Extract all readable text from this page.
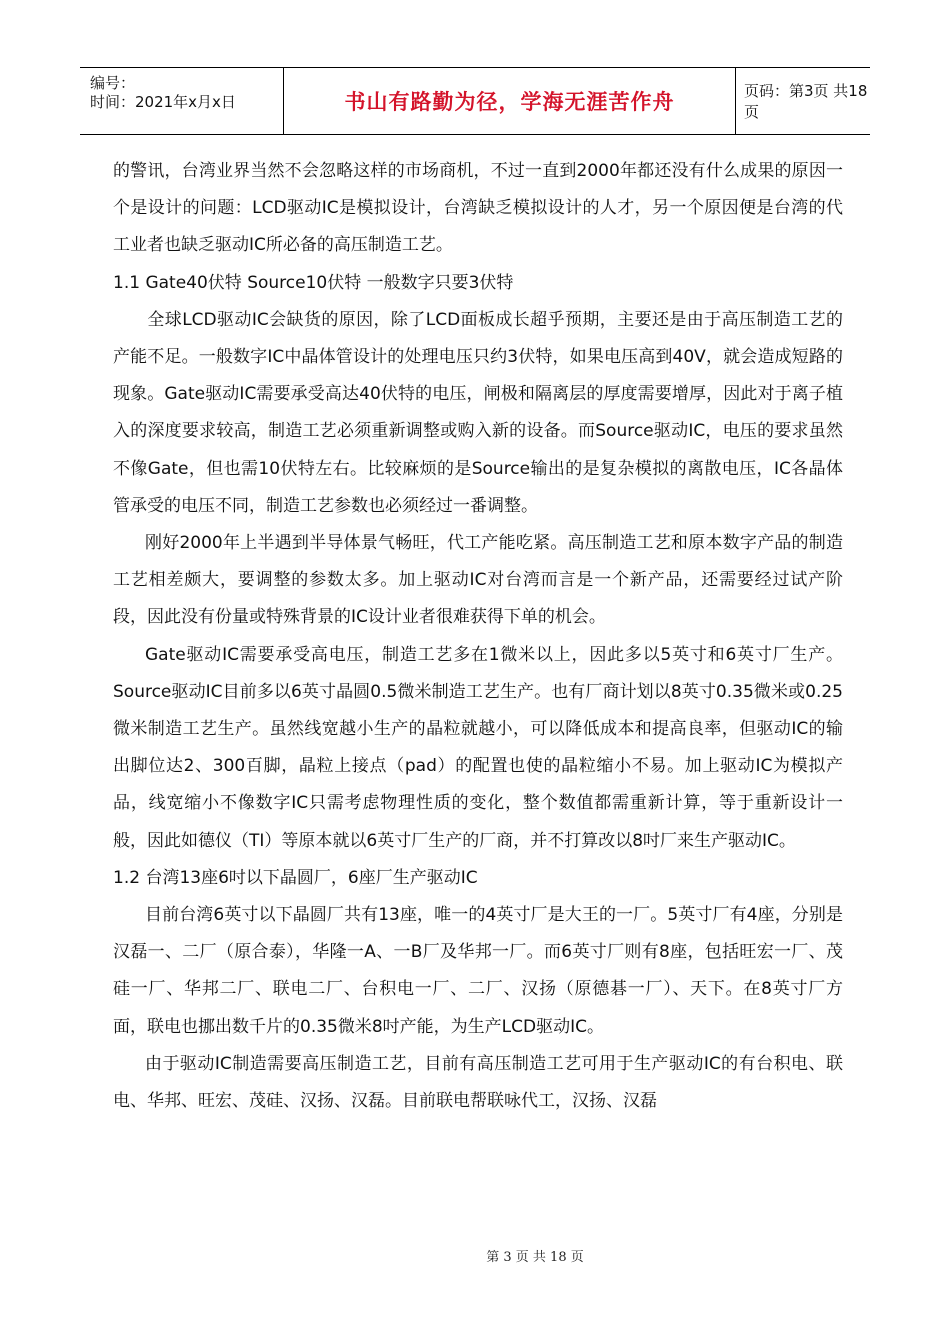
编号：
时间：2021年x月x日	书山有路勤为径，学海无涯苦作舟	页码：第3页 共18页

的警讯，台湾业界当然不会忽略这样的市场商机，不过一直到2000年都还没有什么成果的原因一个是设计的问题：LCD驱动IC是模拟设计，台湾缺乏模拟设计的人才，另一个原因便是台湾的代工业者也缺乏驱动IC所必备的高压制造工艺。

1.1 Gate40伏特 Source10伏特 一般数字只要3伏特

　全球LCD驱动IC会缺货的原因，除了LCD面板成长超乎预期，主要还是由于高压制造工艺的产能不足。一般数字IC中晶体管设计的处理电压只约3伏特，如果电压高到40V，就会造成短路的现象。Gate驱动IC需要承受高达40伏特的电压，闸极和隔离层的厚度需要增厚，因此对于离子植入的深度要求较高，制造工艺必须重新调整或购入新的设备。而Source驱动IC，电压的要求虽然不像Gate，但也需10伏特左右。比较麻烦的是Source输出的是复杂模拟的离散电压，IC各晶体管承受的电压不同，制造工艺参数也必须经过一番调整。

刚好2000年上半遇到半导体景气畅旺，代工产能吃紧。高压制造工艺和原本数字产品的制造工艺相差颇大，要调整的参数太多。加上驱动IC对台湾而言是一个新产品，还需要经过试产阶段，因此没有份量或特殊背景的IC设计业者很难获得下单的机会。

Gate驱动IC需要承受高电压，制造工艺多在1微米以上，因此多以5英寸和6英寸厂生产。Source驱动IC目前多以6英寸晶圆0.5微米制造工艺生产。也有厂商计划以8英寸0.35微米或0.25微米制造工艺生产。虽然线宽越小生产的晶粒就越小，可以降低成本和提高良率，但驱动IC的输出脚位达2、300百脚，晶粒上接点（pad）的配置也使的晶粒缩小不易。加上驱动IC为模拟产品，线宽缩小不像数字IC只需考虑物理性质的变化，整个数值都需重新计算，等于重新设计一般，因此如德仪（TI）等原本就以6英寸厂生产的厂商，并不打算改以8吋厂来生产驱动IC。

1.2 台湾13座6吋以下晶圆厂，6座厂生产驱动IC

目前台湾6英寸以下晶圆厂共有13座，唯一的4英寸厂是大王的一厂。5英寸厂有4座，分别是汉磊一、二厂（原合泰），华隆一A、一B厂及华邦一厂。而6英寸厂则有8座，包括旺宏一厂、茂硅一厂、华邦二厂、联电二厂、台积电一厂、二厂、汉扬（原德碁一厂）、天下。在8英寸厂方面，联电也挪出数千片的0.35微米8吋产能，为生产LCD驱动IC。

由于驱动IC制造需要高压制造工艺，目前有高压制造工艺可用于生产驱动IC的有台积电、联电、华邦、旺宏、茂硅、汉扬、汉磊。目前联电帮联咏代工，汉扬、汉磊

第 3 页 共 18 页
